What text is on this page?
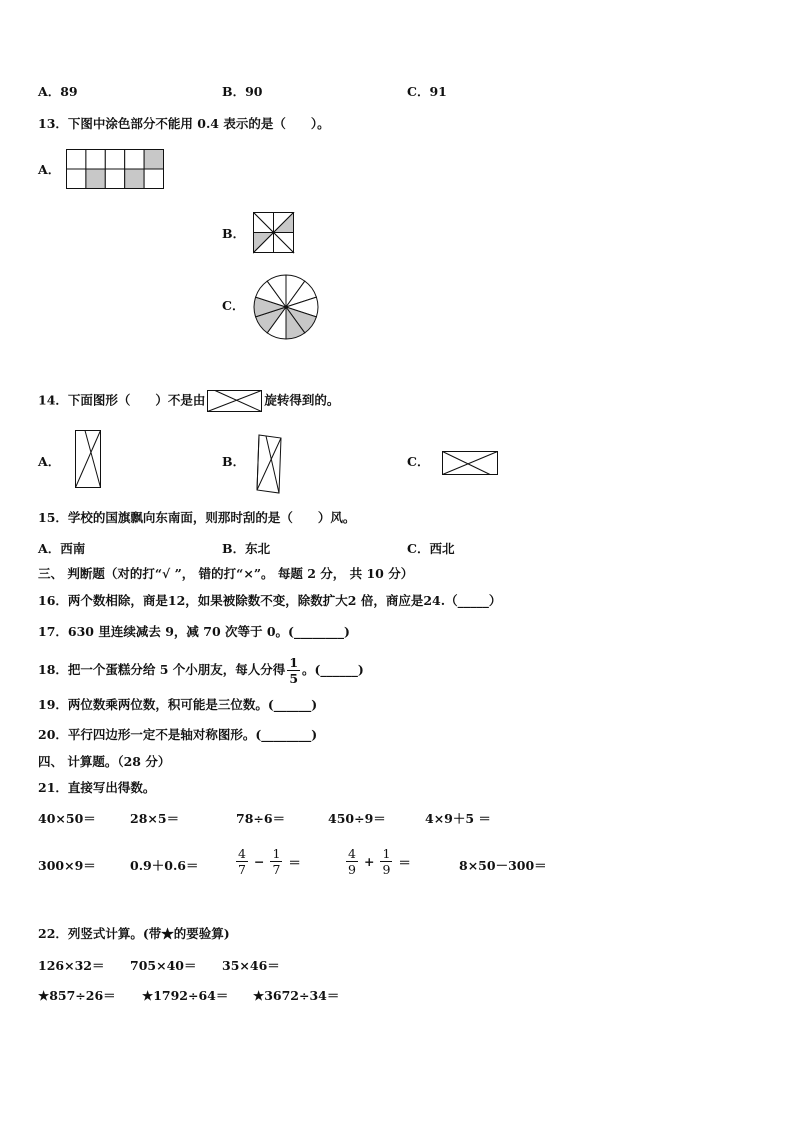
A．89	B．90	C．91
13．下图中涂色部分不能用 0.4 表示的是（　　）。
A．
B．
C．
14．下面图形（　　）不是由	旋转得到的。
A．	B．	C．
15．学校的国旗飘向东南面，则那时刮的是（　　）风。
A．西南	B．东北	C．西北
三、 判断题（对的打“√ ”， 错的打“×”。 每题 2 分， 共 10 分）
16．两个数相除，商是12，如果被除数不变，除数扩大2 倍，商应是24.（_____）
17．630 里连续减去 9，减 70 次等于 0。(________)
18．把一个蛋糕分给 5 个小朋友，每人分得 $\frac{1}{5}$ 。(______)
19．两位数乘两位数，积可能是三位数。(______)
20．平行四边形一定不是轴对称图形。(________)
四、 计算题。（28 分）
21．直接写出得数。
40×50＝	28×5＝	78÷6＝	450÷9＝	4×9＋5 ＝
300×9＝	0.9＋0.6＝	$\frac{4}{7} - \frac{1}{7}$ ＝	$\frac{4}{9} + \frac{1}{9}$ ＝	8×50－300＝
22．列竖式计算。(带★的要验算)
126×32＝ 705×40＝ 35×46＝
★857÷26＝ ★1792÷64＝ ★3672÷34＝
